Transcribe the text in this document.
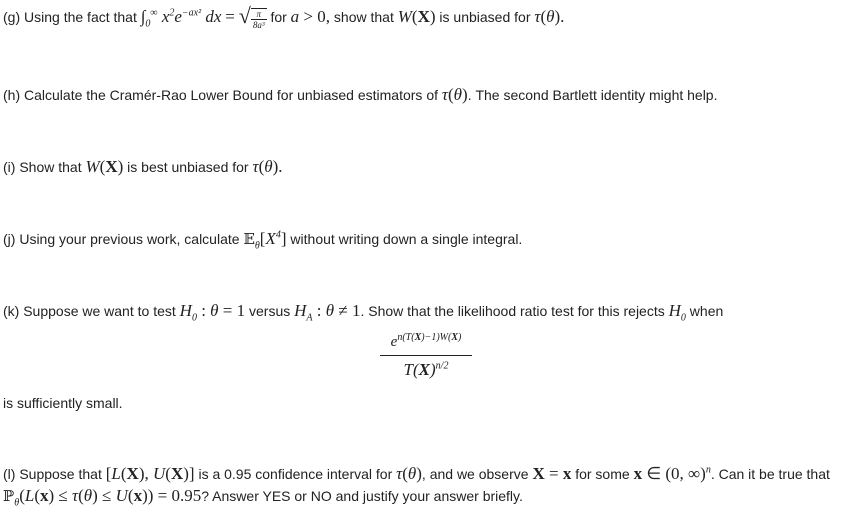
(g) Using the fact that $\int_0^\infty$ $x^2e^{-ax^2}$ dx = √ $\frac{\pi}{\text{8a³}}$ for a > 0, show that W(X) is unbiased for τ(θ).
(h) Calculate the Cramér-Rao Lower Bound for unbiased estimators of τ(θ). The second Bartlett identity might help.
(i) Show that W(X) is best unbiased for τ(θ).
(j) Using your previous work, calculate $𝔼_\theta[X^4]$ without writing down a single integral.
(k) Suppose we want to test $H_0$ : θ = 1 versus $H_A$ : θ ≠ 1. Show that the likelihood ratio test for this rejects $H_0$ when
$\frac{e^{n(T(X)-1)W(X)}}{T(X)^{n/2}}$
is sufficiently small.
(l) Suppose that [L(X), U(X)] is a 0.95 confidence interval for τ(θ), and we observe X = x for some x ∈ (0, ∞)$^n$. Can it be true that
ℙ$_\theta$(L(x) ≤ τ(θ) ≤ U(x)) = 0.95? Answer YES or NO and justify your answer briefly.
